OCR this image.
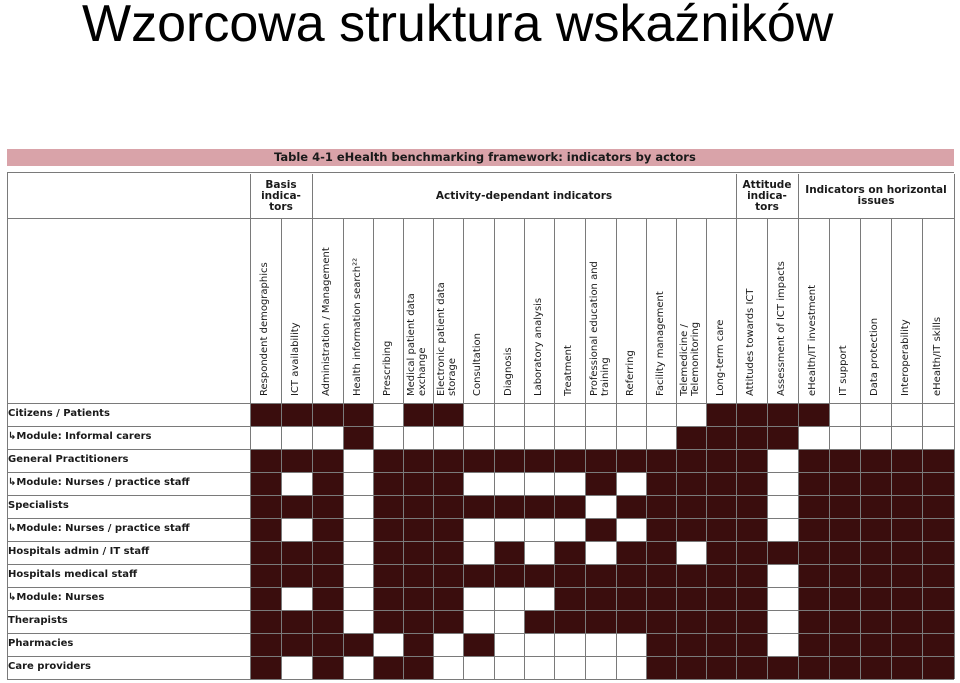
Wzorcowa struktura wskaźników
Table 4-1 eHealth benchmarking framework: indicators by actors
Basis
indica-
tors
Activity-dependant indicators
Attitude
indica-
tors
Indicators on horizontal
issues
Respondent demographics ICT availability Administration / Management Health information search²² Prescribing Medical patient data exchange Electronic patient data storage Consultation Diagnosis Laboratory analysis Treatment Professional education and training Referring Facility management Telemedicine / Telemonitoring Long-term care Attitudes towards ICT Assessment of ICT impacts eHealth/IT investment IT support Data protection Interoperability eHealth/IT skills
Citizens / Patients
↳Module: Informal carers
General Practitioners
↳Module: Nurses / practice staff
Specialists
↳Module: Nurses / practice staff
Hospitals admin / IT staff
Hospitals medical staff
↳Module: Nurses
Therapists
Pharmacies
Care providers
